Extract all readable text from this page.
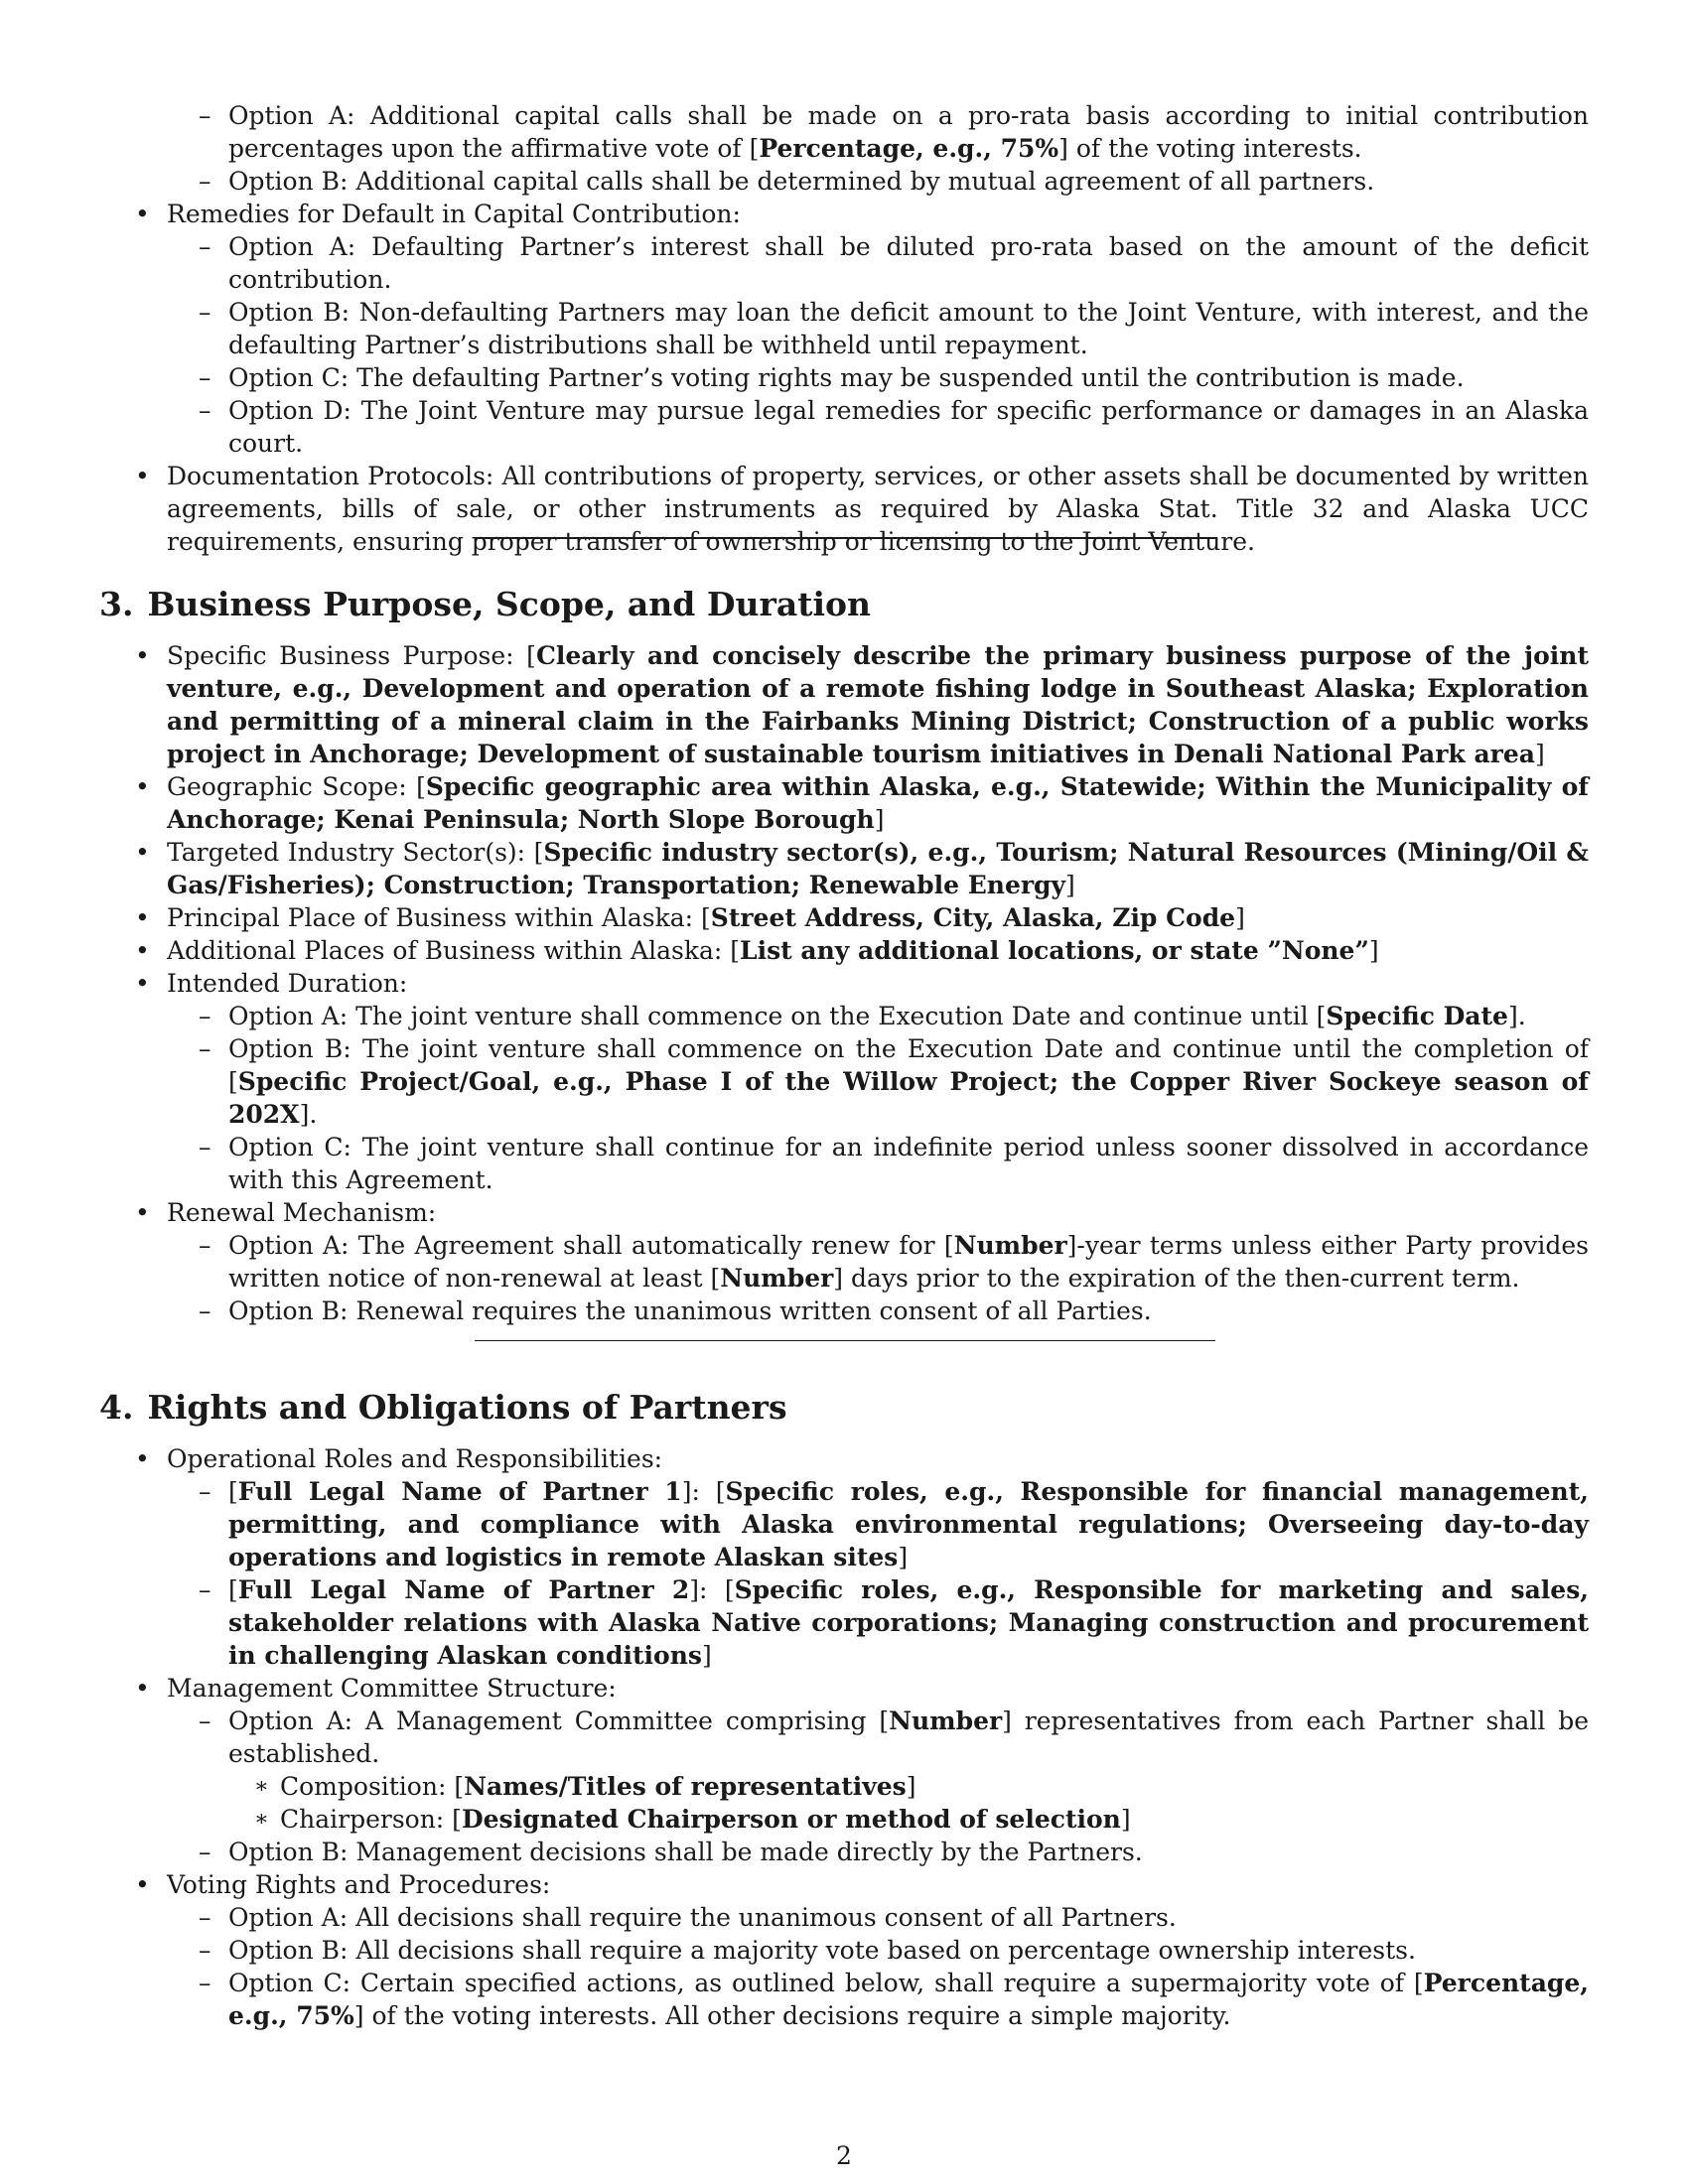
– Option A: Additional capital calls shall be made on a pro-rata basis according to initial contribution percentages upon the affirmative vote of [Percentage, e.g., 75%] of the voting interests.
– Option B: Additional capital calls shall be determined by mutual agreement of all partners.
• Remedies for Default in Capital Contribution:
– Option A: Defaulting Partner’s interest shall be diluted pro-rata based on the amount of the deficit contribution.
– Option B: Non-defaulting Partners may loan the deficit amount to the Joint Venture, with interest, and the defaulting Partner’s distributions shall be withheld until repayment.
– Option C: The defaulting Partner’s voting rights may be suspended until the contribution is made.
– Option D: The Joint Venture may pursue legal remedies for specific performance or damages in an Alaska court.
• Documentation Protocols: All contributions of property, services, or other assets shall be documented by written agreements, bills of sale, or other instruments as required by Alaska Stat. Title 32 and Alaska UCC requirements, ensuring proper transfer of ownership or licensing to the Joint Venture.
3. Business Purpose, Scope, and Duration
• Specific Business Purpose: [Clearly and concisely describe the primary business purpose of the joint venture, e.g., Development and operation of a remote fishing lodge in Southeast Alaska; Exploration and permitting of a mineral claim in the Fairbanks Mining District; Construction of a public works project in Anchorage; Development of sustainable tourism initiatives in Denali National Park area]
• Geographic Scope: [Specific geographic area within Alaska, e.g., Statewide; Within the Municipality of Anchorage; Kenai Peninsula; North Slope Borough]
• Targeted Industry Sector(s): [Specific industry sector(s), e.g., Tourism; Natural Resources (Mining/Oil & Gas/Fisheries); Construction; Transportation; Renewable Energy]
• Principal Place of Business within Alaska: [Street Address, City, Alaska, Zip Code]
• Additional Places of Business within Alaska: [List any additional locations, or state ”None”]
• Intended Duration:
– Option A: The joint venture shall commence on the Execution Date and continue until [Specific Date].
– Option B: The joint venture shall commence on the Execution Date and continue until the completion of [Specific Project/Goal, e.g., Phase I of the Willow Project; the Copper River Sockeye season of 202X].
– Option C: The joint venture shall continue for an indefinite period unless sooner dissolved in accordance with this Agreement.
• Renewal Mechanism:
– Option A: The Agreement shall automatically renew for [Number]-year terms unless either Party provides written notice of non-renewal at least [Number] days prior to the expiration of the then-current term.
– Option B: Renewal requires the unanimous written consent of all Parties.
4. Rights and Obligations of Partners
• Operational Roles and Responsibilities:
– [Full Legal Name of Partner 1]: [Specific roles, e.g., Responsible for financial management, permitting, and compliance with Alaska environmental regulations; Overseeing day-to-day operations and logistics in remote Alaskan sites]
– [Full Legal Name of Partner 2]: [Specific roles, e.g., Responsible for marketing and sales, stakeholder relations with Alaska Native corporations; Managing construction and procurement in challenging Alaskan conditions]
• Management Committee Structure:
– Option A: A Management Committee comprising [Number] representatives from each Partner shall be established.
∗ Composition: [Names/Titles of representatives]
∗ Chairperson: [Designated Chairperson or method of selection]
– Option B: Management decisions shall be made directly by the Partners.
• Voting Rights and Procedures:
– Option A: All decisions shall require the unanimous consent of all Partners.
– Option B: All decisions shall require a majority vote based on percentage ownership interests.
– Option C: Certain specified actions, as outlined below, shall require a supermajority vote of [Percentage, e.g., 75%] of the voting interests. All other decisions require a simple majority.
2
